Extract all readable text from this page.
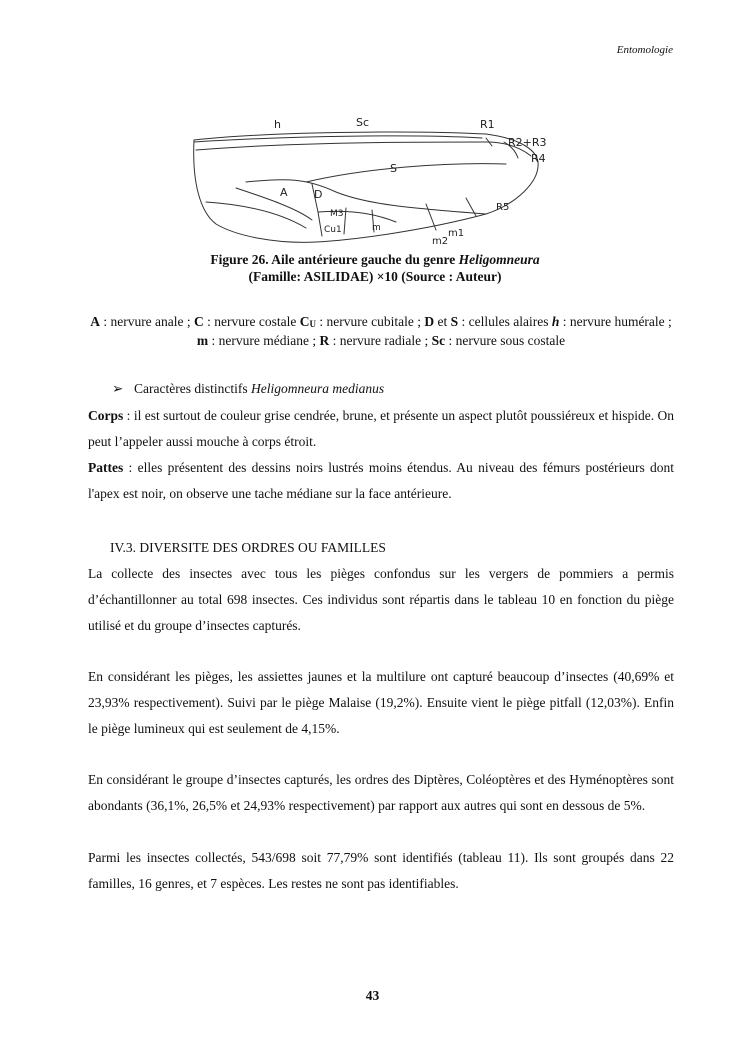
Entomologie
h	Sc	R1
R2+R3
R4
S
A D
M3
Cu1	m
R5
m1
m2
Figure 26. Aile antérieure gauche du genre Heligomneura
(Famille: ASILIDAE) ×10 (Source : Auteur)
A : nervure anale ; C : nervure costale $C_U$ : nervure cubitale ; D et S : cellules alaires h : nervure humérale ; m : nervure médiane ; R : nervure radiale ; Sc : nervure sous costale
➢ Caractères distinctifs Heligomneura medianus

Corps : il est surtout de couleur grise cendrée, brune, et présente un aspect plutôt poussiéreux et hispide. On peut l’appeler aussi mouche à corps étroit.

Pattes : elles présentent des dessins noirs lustrés moins étendus. Au niveau des fémurs postérieurs dont l'apex est noir, on observe une tache médiane sur la face antérieure.

IV.3. DIVERSITE DES ORDRES OU FAMILLES

La collecte des insectes avec tous les pièges confondus sur les vergers de pommiers a permis d’échantillonner au total 698 insectes. Ces individus sont répartis dans le tableau 10 en fonction du piège utilisé et du groupe d’insectes capturés.

En considérant les pièges, les assiettes jaunes et la multilure ont capturé beaucoup d’insectes (40,69% et 23,93% respectivement). Suivi par le piège Malaise (19,2%). Ensuite vient le piège pitfall (12,03%). Enfin le piège lumineux qui est seulement de 4,15%.

En considérant le groupe d’insectes capturés, les ordres des Diptères, Coléoptères et des Hyménoptères sont abondants (36,1%, 26,5% et 24,93% respectivement) par rapport aux autres qui sont en dessous de 5%.

Parmi les insectes collectés, 543/698 soit 77,79% sont identifiés (tableau 11). Ils sont groupés dans 22 familles, 16 genres, et 7 espèces. Les restes ne sont pas identifiables.

43
